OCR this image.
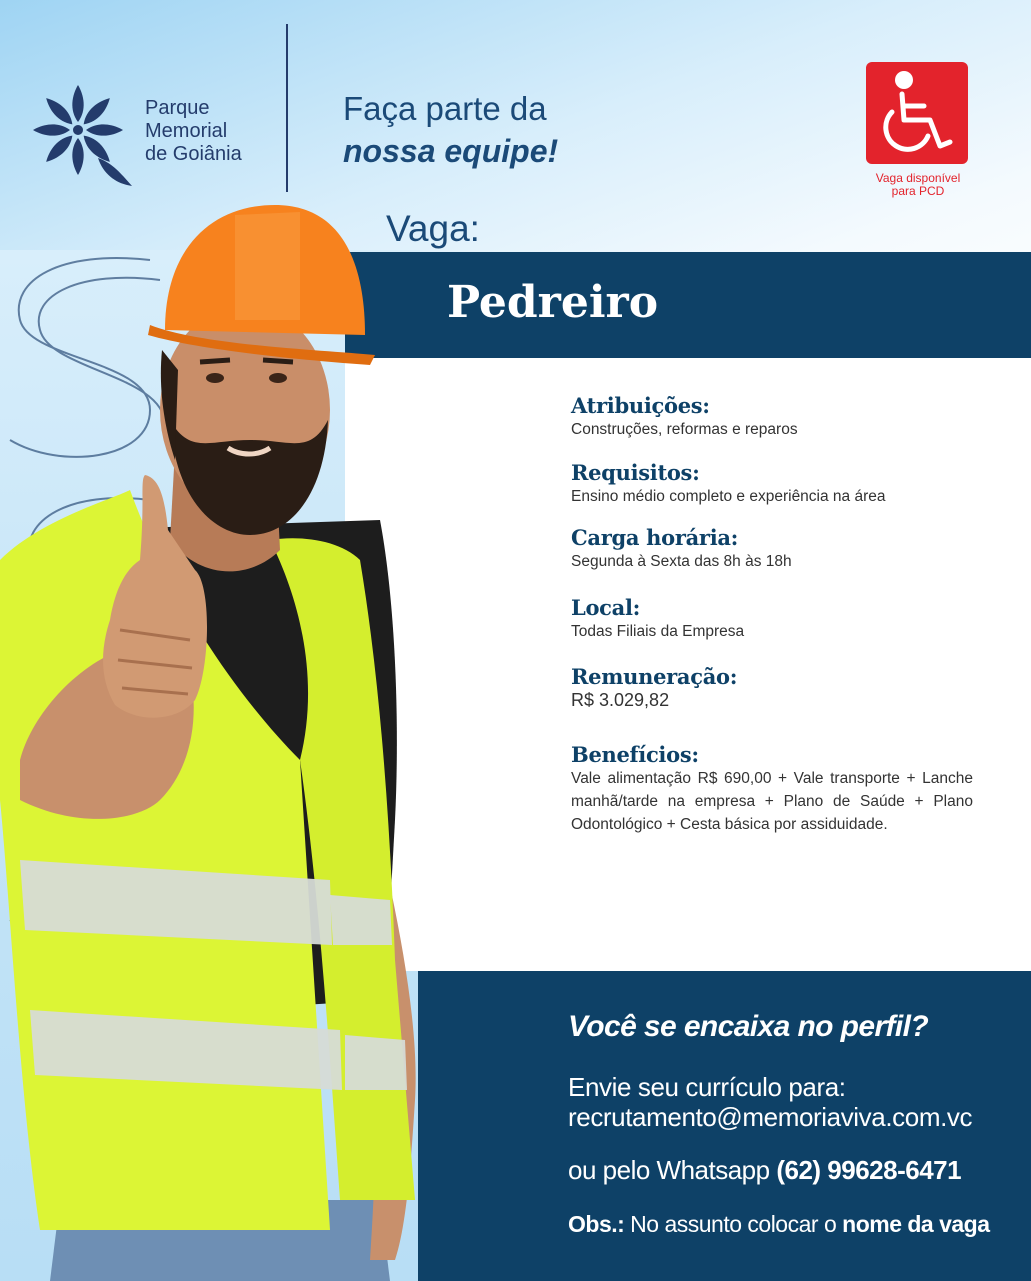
Parque
Memorial
de Goiânia
Faça parte da
nossa equipe!
Vaga disponível
para PCD
Vaga:
Pedreiro
Atribuições:

Construções, reformas e reparos

Requisitos:

Ensino médio completo e experiência na área

Carga horária:

Segunda à Sexta das 8h às 18h

Local:

Todas Filiais da Empresa

Remuneração:

R$ 3.029,82

Benefícios:

Vale alimentação R$ 690,00 + Vale transporte + Lanche manhã/tarde na empresa + Plano de Saúde + Plano Odontológico + Cesta básica por assiduidade.

Você se encaixa no perfil?
Envie seu currículo para:
recrutamento@memoriaviva.com.vc
ou pelo Whatsapp (62) 99628-6471
Obs.: No assunto colocar o nome da vaga
